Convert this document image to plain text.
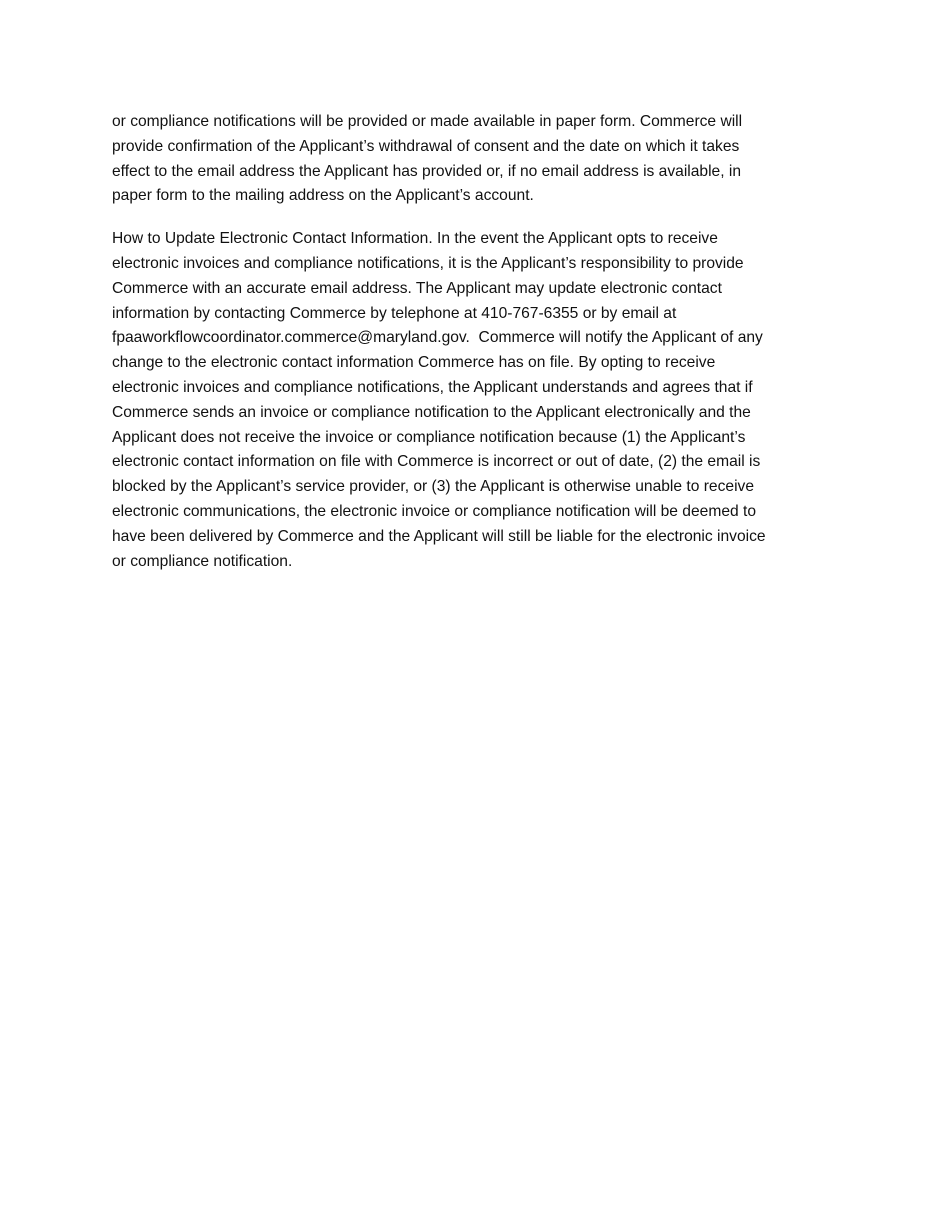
or compliance notifications will be provided or made available in paper form. Commerce will
provide confirmation of the Applicant’s withdrawal of consent and the date on which it takes
effect to the email address the Applicant has provided or, if no email address is available, in
paper form to the mailing address on the Applicant’s account.

How to Update Electronic Contact Information. In the event the Applicant opts to receive
electronic invoices and compliance notifications, it is the Applicant’s responsibility to provide
Commerce with an accurate email address. The Applicant may update electronic contact
information by contacting Commerce by telephone at 410-767-6355 or by email at
fpaaworkflowcoordinator.commerce@maryland.gov.  Commerce will notify the Applicant of any
change to the electronic contact information Commerce has on file. By opting to receive
electronic invoices and compliance notifications, the Applicant understands and agrees that if
Commerce sends an invoice or compliance notification to the Applicant electronically and the
Applicant does not receive the invoice or compliance notification because (1) the Applicant’s
electronic contact information on file with Commerce is incorrect or out of date, (2) the email is
blocked by the Applicant’s service provider, or (3) the Applicant is otherwise unable to receive
electronic communications, the electronic invoice or compliance notification will be deemed to
have been delivered by Commerce and the Applicant will still be liable for the electronic invoice
or compliance notification.
